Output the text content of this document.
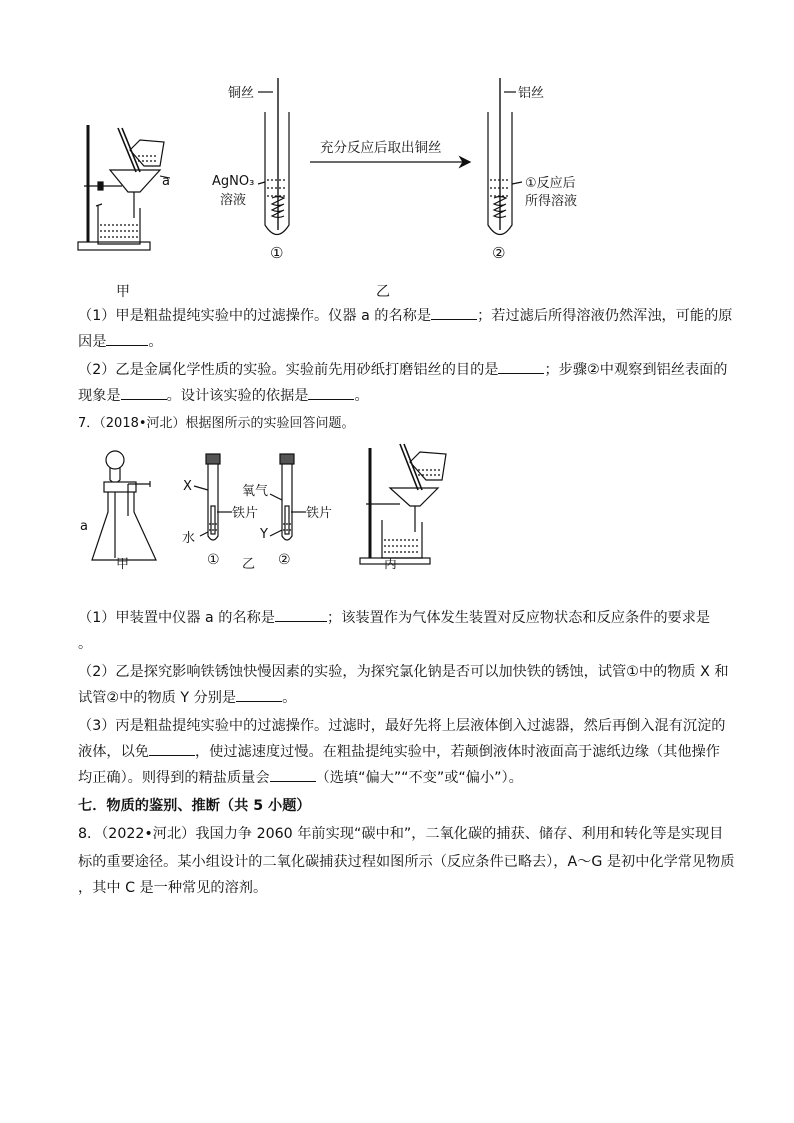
a
铜丝
AgNO₃
溶液
①
充分反应后取出铜丝
铝丝
①反应后
所得溶液
②
甲	乙
（1）甲是粗盐提纯实验中的过滤操作。仪器 a 的名称是	；若过滤后所得溶液仍然浑浊，可能的原
因是	。
（2）乙是金属化学性质的实验。实验前先用砂纸打磨铝丝的目的是	；步骤②中观察到铝丝表面的
现象是	。设计该实验的依据是	。
7．（2018•河北）根据图所示的实验回答问题。
a
甲
X
铁片
水
①
氧气
铁片
Y
②
乙	丙
（1）甲装置中仪器 a 的名称是	；该装置作为气体发生装置对反应物状态和反应条件的要求是
。
（2）乙是探究影响铁锈蚀快慢因素的实验，为探究氯化钠是否可以加快铁的锈蚀，试管①中的物质 X 和
试管②中的物质 Y 分别是	。
（3）丙是粗盐提纯实验中的过滤操作。过滤时，最好先将上层液体倒入过滤器，然后再倒入混有沉淀的
液体，以免	，使过滤速度过慢。在粗盐提纯实验中，若颠倒液体时液面高于滤纸边缘（其他操作
均正确）。则得到的精盐质量会	（选填“偏大”“不变”或“偏小”）。
七．物质的鉴别、推断（共 5 小题）
8．（2022•河北）我国力争 2060 年前实现“碳中和”，二氧化碳的捕获、储存、利用和转化等是实现目
标的重要途径。某小组设计的二氧化碳捕获过程如图所示（反应条件已略去），A～G 是初中化学常见物质
，其中 C 是一种常见的溶剂。
